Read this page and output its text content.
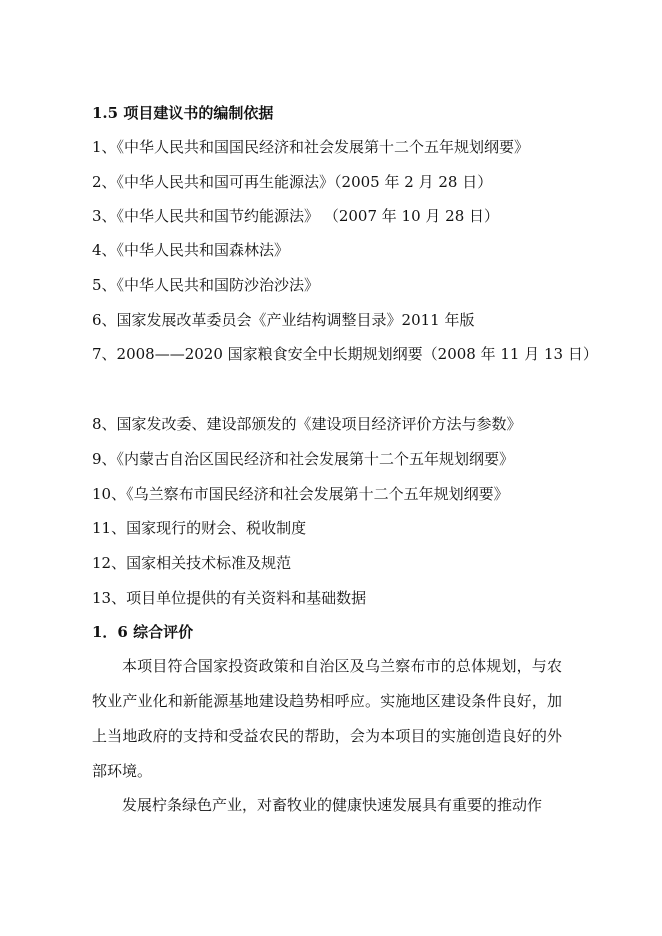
1.5 项目建议书的编制依据
1、《中华人民共和国国民经济和社会发展第十二个五年规划纲要》
2、《中华人民共和国可再生能源法》（2005 年 2 月 28 日）
3、《中华人民共和国节约能源法》 （2007 年 10 月 28 日）
4、《中华人民共和国森林法》
5、《中华人民共和国防沙治沙法》
6、国家发展改革委员会《产业结构调整目录》2011 年版
7、2008——2020 国家粮食安全中长期规划纲要（2008 年 11 月 13 日）
8、国家发改委、建设部颁发的《建设项目经济评价方法与参数》
9、《内蒙古自治区国民经济和社会发展第十二个五年规划纲要》
10、《乌兰察布市国民经济和社会发展第十二个五年规划纲要》
11、国家现行的财会、税收制度
12、国家相关技术标准及规范
13、项目单位提供的有关资料和基础数据
1．6 综合评价
本项目符合国家投资政策和自治区及乌兰察布市的总体规划，与农牧业产业化和新能源基地建设趋势相呼应。实施地区建设条件良好，加上当地政府的支持和受益农民的帮助，会为本项目的实施创造良好的外部环境。
发展柠条绿色产业，对畜牧业的健康快速发展具有重要的推动作
